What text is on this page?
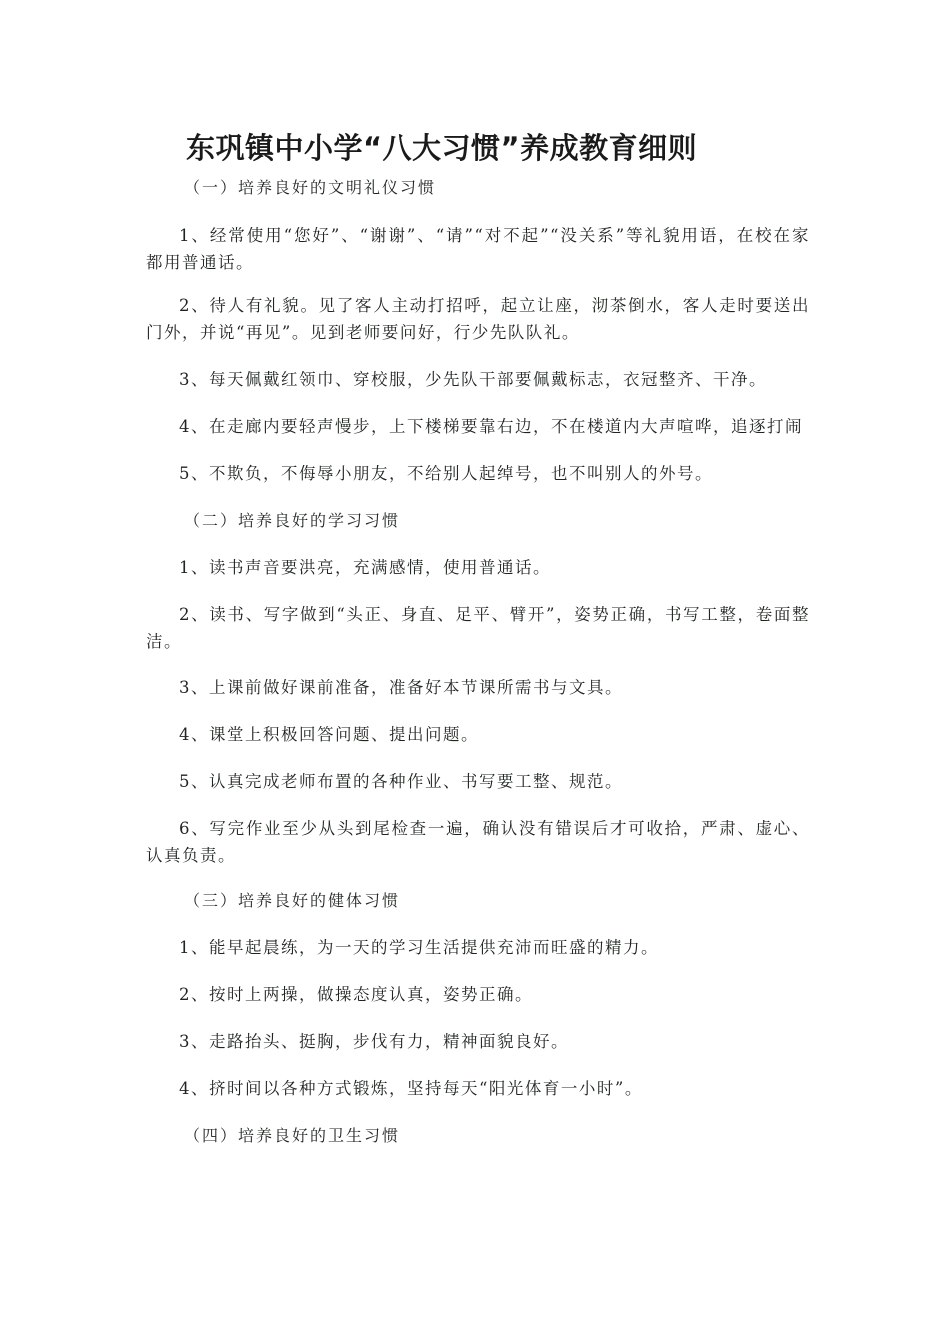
东巩镇中小学“八大习惯”养成教育细则

（一）培养良好的文明礼仪习惯

1、经常使用“您好”、“谢谢”、“请”“对不起”“没关系”等礼貌用语，在校在家都用普通话。

2、待人有礼貌。见了客人主动打招呼，起立让座，沏茶倒水，客人走时要送出门外，并说“再见”。见到老师要问好，行少先队队礼。

3、每天佩戴红领巾、穿校服，少先队干部要佩戴标志，衣冠整齐、干净。

4、在走廊内要轻声慢步，上下楼梯要靠右边，不在楼道内大声喧哗，追逐打闹

5、不欺负，不侮辱小朋友，不给别人起绰号，也不叫别人的外号。

（二）培养良好的学习习惯

1、读书声音要洪亮，充满感情，使用普通话。

2、读书、写字做到“头正、身直、足平、臂开”，姿势正确，书写工整，卷面整洁。

3、上课前做好课前准备，准备好本节课所需书与文具。

4、课堂上积极回答问题、提出问题。

5、认真完成老师布置的各种作业、书写要工整、规范。

6、写完作业至少从头到尾检查一遍，确认没有错误后才可收拾，严肃、虚心、认真负责。

（三）培养良好的健体习惯

1、能早起晨练，为一天的学习生活提供充沛而旺盛的精力。

2、按时上两操，做操态度认真，姿势正确。

3、走路抬头、挺胸，步伐有力，精神面貌良好。

4、挤时间以各种方式锻炼，坚持每天“阳光体育一小时”。

（四）培养良好的卫生习惯
